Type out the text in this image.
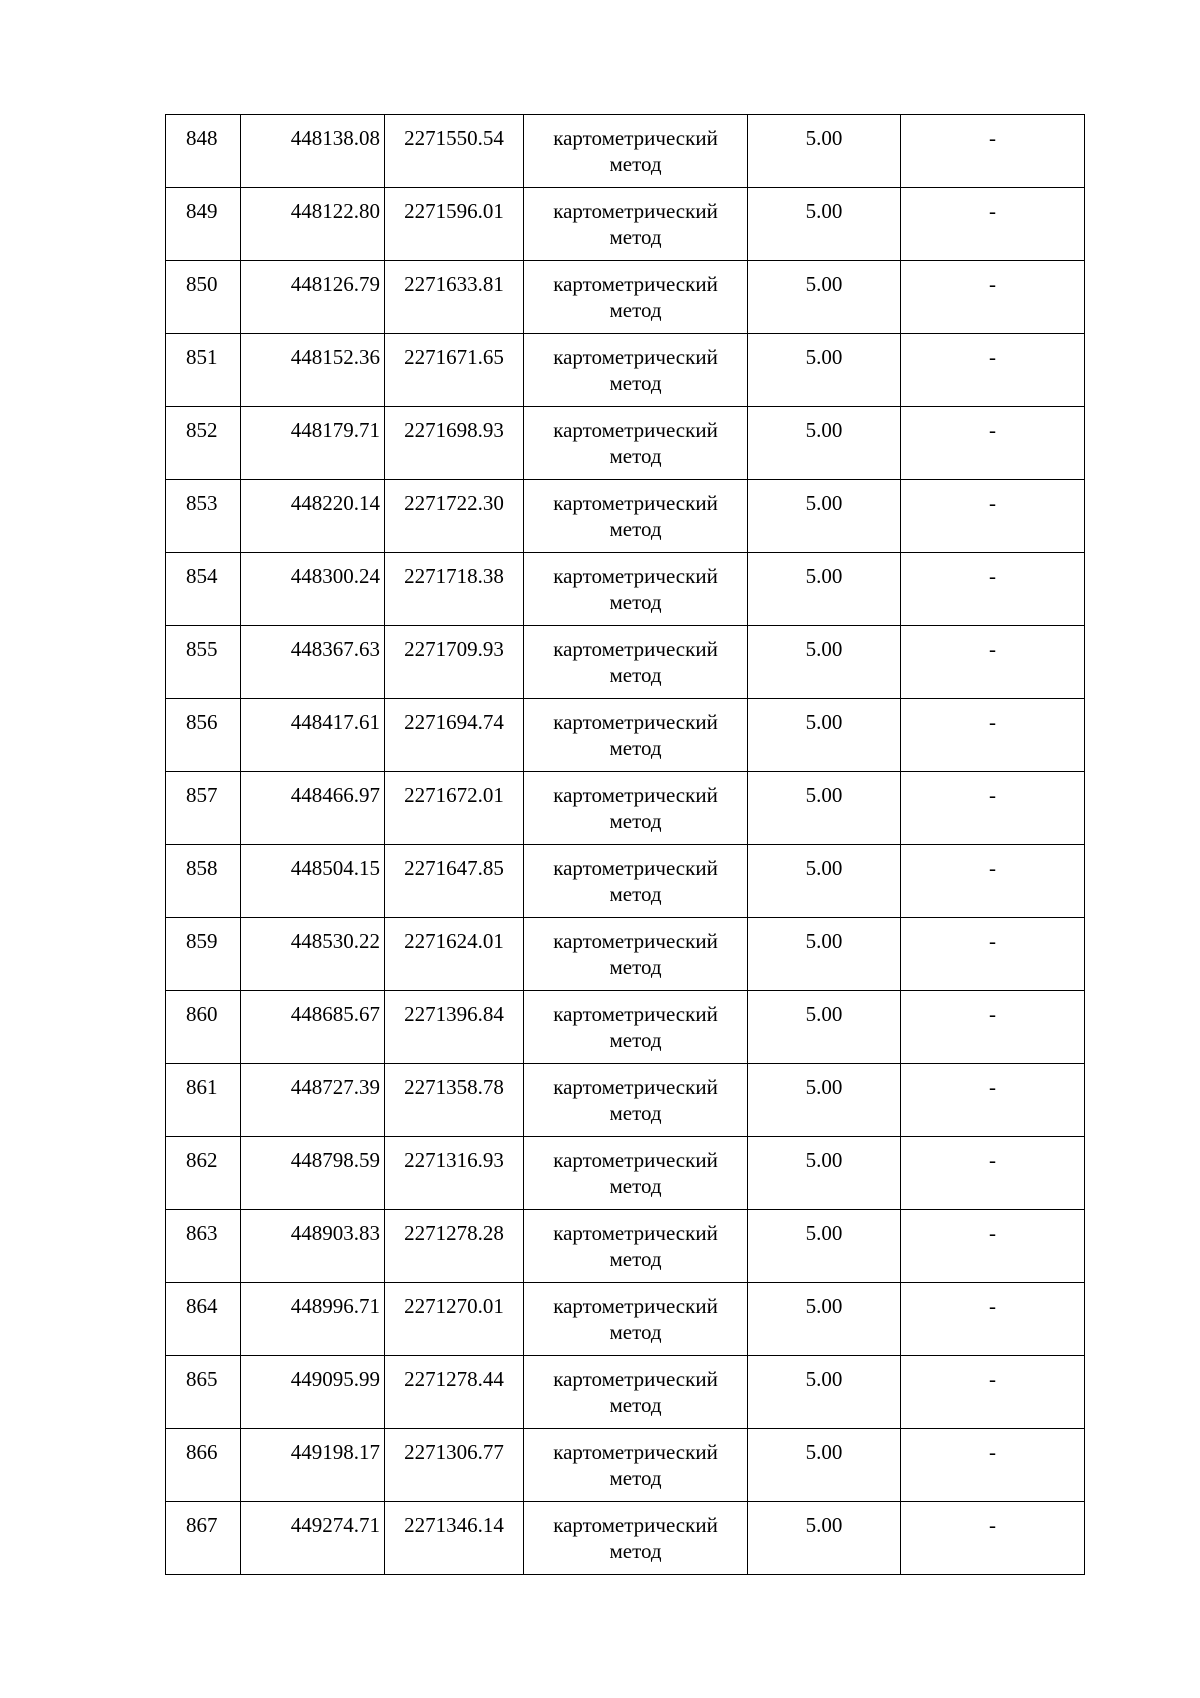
848	448138.08	2271550.54	картометрический
метод	5.00	-

849	448122.80	2271596.01	картометрический
метод	5.00	-

850	448126.79	2271633.81	картометрический
метод	5.00	-

851	448152.36	2271671.65	картометрический
метод	5.00	-

852	448179.71	2271698.93	картометрический
метод	5.00	-

853	448220.14	2271722.30	картометрический
метод	5.00	-

854	448300.24	2271718.38	картометрический
метод	5.00	-

855	448367.63	2271709.93	картометрический
метод	5.00	-

856	448417.61	2271694.74	картометрический
метод	5.00	-

857	448466.97	2271672.01	картометрический
метод	5.00	-

858	448504.15	2271647.85	картометрический
метод	5.00	-

859	448530.22	2271624.01	картометрический
метод	5.00	-

860	448685.67	2271396.84	картометрический
метод	5.00	-

861	448727.39	2271358.78	картометрический
метод	5.00	-

862	448798.59	2271316.93	картометрический
метод	5.00	-

863	448903.83	2271278.28	картометрический
метод	5.00	-

864	448996.71	2271270.01	картометрический
метод	5.00	-

865	449095.99	2271278.44	картометрический
метод	5.00	-

866	449198.17	2271306.77	картометрический
метод	5.00	-

867	449274.71	2271346.14	картометрический
метод	5.00	-
